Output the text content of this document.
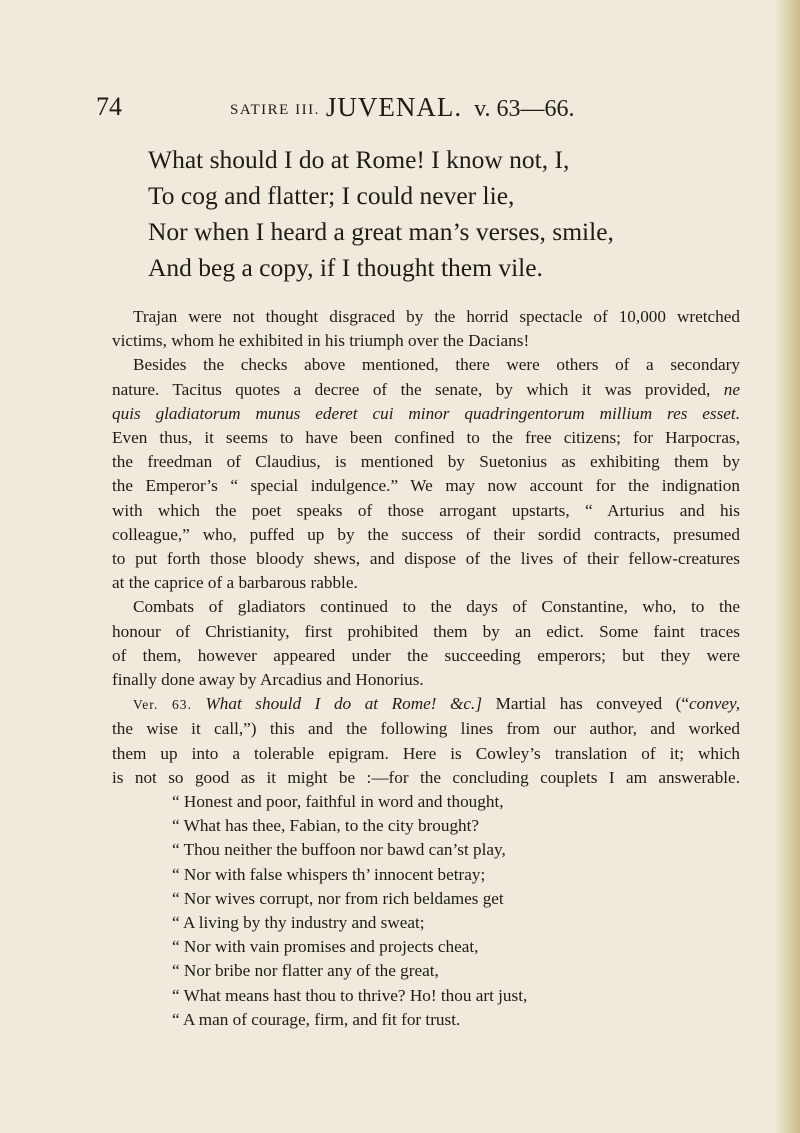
74	SATIRE III. JUVENAL. v. 63—66.
What should I do at Rome! I know not, I,
To cog and flatter; I could never lie,
Nor when I heard a great man’s verses, smile,
And beg a copy, if I thought them vile.
Trajan were not thought disgraced by the horrid spectacle of 10,000 wretched
victims, whom he exhibited in his triumph over the Dacians!
Besides the checks above mentioned, there were others of a secondary
nature. Tacitus quotes a decree of the senate, by which it was provided, ne
quis gladiatorum munus ederet cui minor quadringentorum millium res esset.
Even thus, it seems to have been confined to the free citizens; for Harpocras,
the freedman of Claudius, is mentioned by Suetonius as exhibiting them by
the Emperor’s “ special indulgence.” We may now account for the indignation
with which the poet speaks of those arrogant upstarts, “ Arturius and his
colleague,” who, puffed up by the success of their sordid contracts, presumed
to put forth those bloody shews, and dispose of the lives of their fellow-creatures
at the caprice of a barbarous rabble.
Combats of gladiators continued to the days of Constantine, who, to the
honour of Christianity, first prohibited them by an edict. Some faint traces
of them, however appeared under the succeeding emperors; but they were
finally done away by Arcadius and Honorius.
Ver. 63. What should I do at Rome! &c.] Martial has conveyed (“convey,
the wise it call,”) this and the following lines from our author, and worked
them up into a tolerable epigram. Here is Cowley’s translation of it; which
is not so good as it might be :—for the concluding couplets I am answerable.
“ Honest and poor, faithful in word and thought,
“ What has thee, Fabian, to the city brought?
“ Thou neither the buffoon nor bawd can’st play,
“ Nor with false whispers th’ innocent betray;
“ Nor wives corrupt, nor from rich beldames get
“ A living by thy industry and sweat;
“ Nor with vain promises and projects cheat,
“ Nor bribe nor flatter any of the great,
“ What means hast thou to thrive? Ho! thou art just,
“ A man of courage, firm, and fit for trust.
